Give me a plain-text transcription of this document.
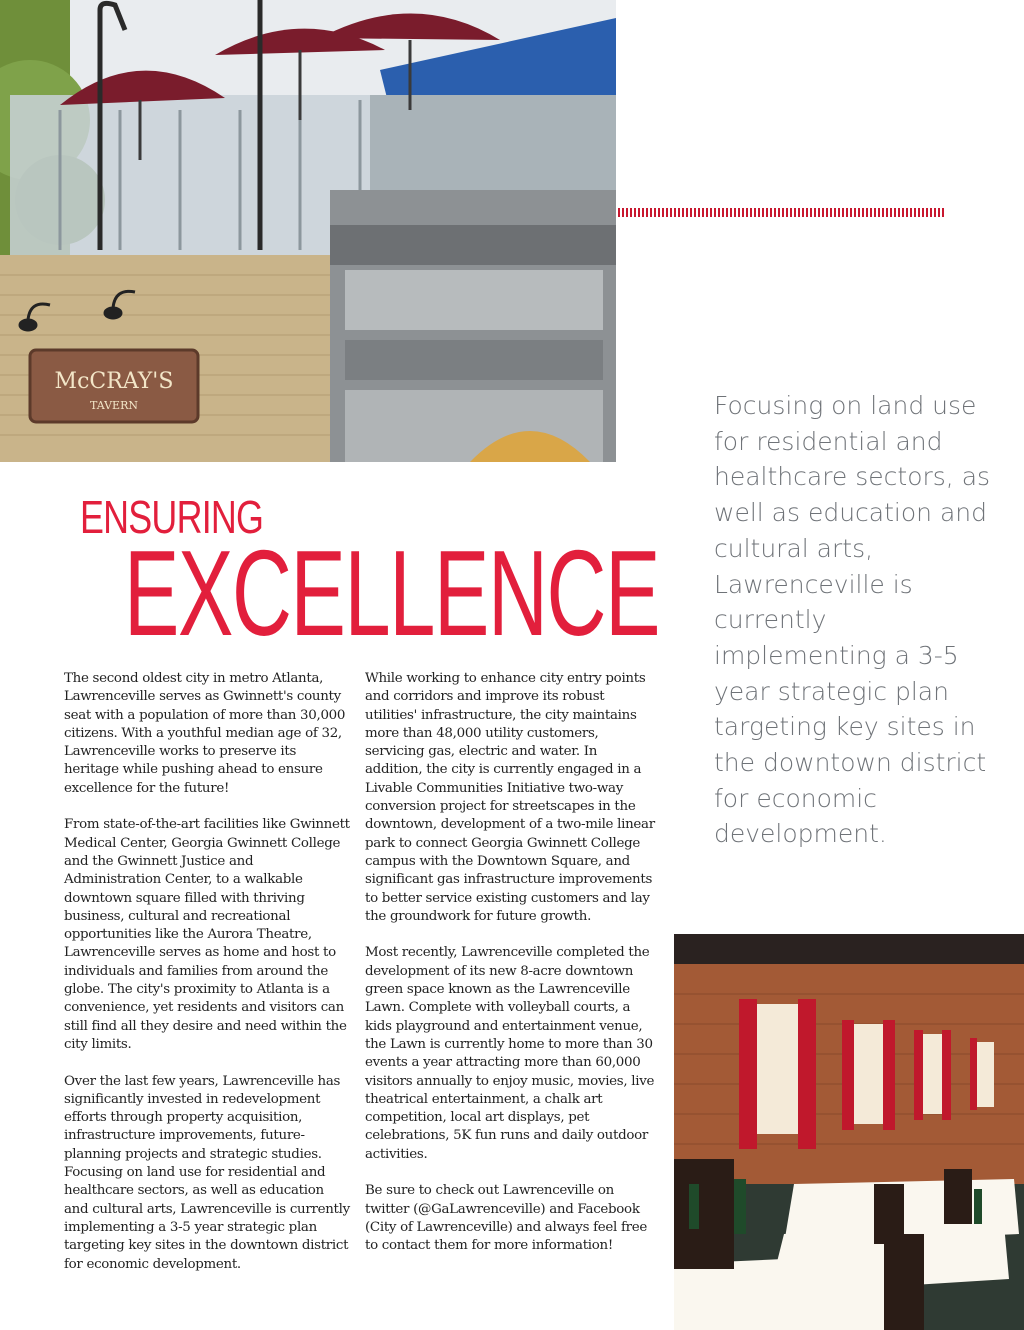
McCRAY'S
TAVERN	Focusing on land use for residential and healthcare sectors, as well as education and cultural arts, Lawrenceville is currently implementing a 3-5 year strategic plan targeting key sites in the downtown district for economic development.

ENSURING
EXCELLENCE

The second oldest city in metro Atlanta, Lawrenceville serves as Gwinnett's county seat with a population of more than 30,000 citizens. With a youthful median age of 32, Lawrenceville works to preserve its heritage while pushing ahead to ensure excellence for the future!

From state-of-the-art facilities like Gwinnett Medical Center, Georgia Gwinnett College and the Gwinnett Justice and Administration Center, to a walkable downtown square filled with thriving business, cultural and recreational opportunities like the Aurora Theatre, Lawrenceville serves as home and host to individuals and families from around the globe. The city's proximity to Atlanta is a convenience, yet residents and visitors can still find all they desire and need within the city limits.

Over the last few years, Lawrenceville has significantly invested in redevelopment efforts through property acquisition, infrastructure improvements, future-planning projects and strategic studies. Focusing on land use for residential and healthcare sectors, as well as education and cultural arts, Lawrenceville is currently implementing a 3-5 year strategic plan targeting key sites in the downtown district for economic development.

While working to enhance city entry points and corridors and improve its robust utilities' infrastructure, the city maintains more than 48,000 utility customers, servicing gas, electric and water. In addition, the city is currently engaged in a Livable Communities Initiative two-way conversion project for streetscapes in the downtown, development of a two-mile linear park to connect Georgia Gwinnett College campus with the Downtown Square, and significant gas infrastructure improvements to better service existing customers and lay the groundwork for future growth.

Most recently, Lawrenceville completed the development of its new 8-acre downtown green space known as the Lawrenceville Lawn. Complete with volleyball courts, a kids playground and entertainment venue, the Lawn is currently home to more than 30 events a year attracting more than 60,000 visitors annually to enjoy music, movies, live theatrical entertainment, a chalk art competition, local art displays, pet celebrations, 5K fun runs and daily outdoor activities.

Be sure to check out Lawrenceville on twitter (@GaLawrenceville) and Facebook (City of Lawrenceville) and always feel free to contact them for more information!
